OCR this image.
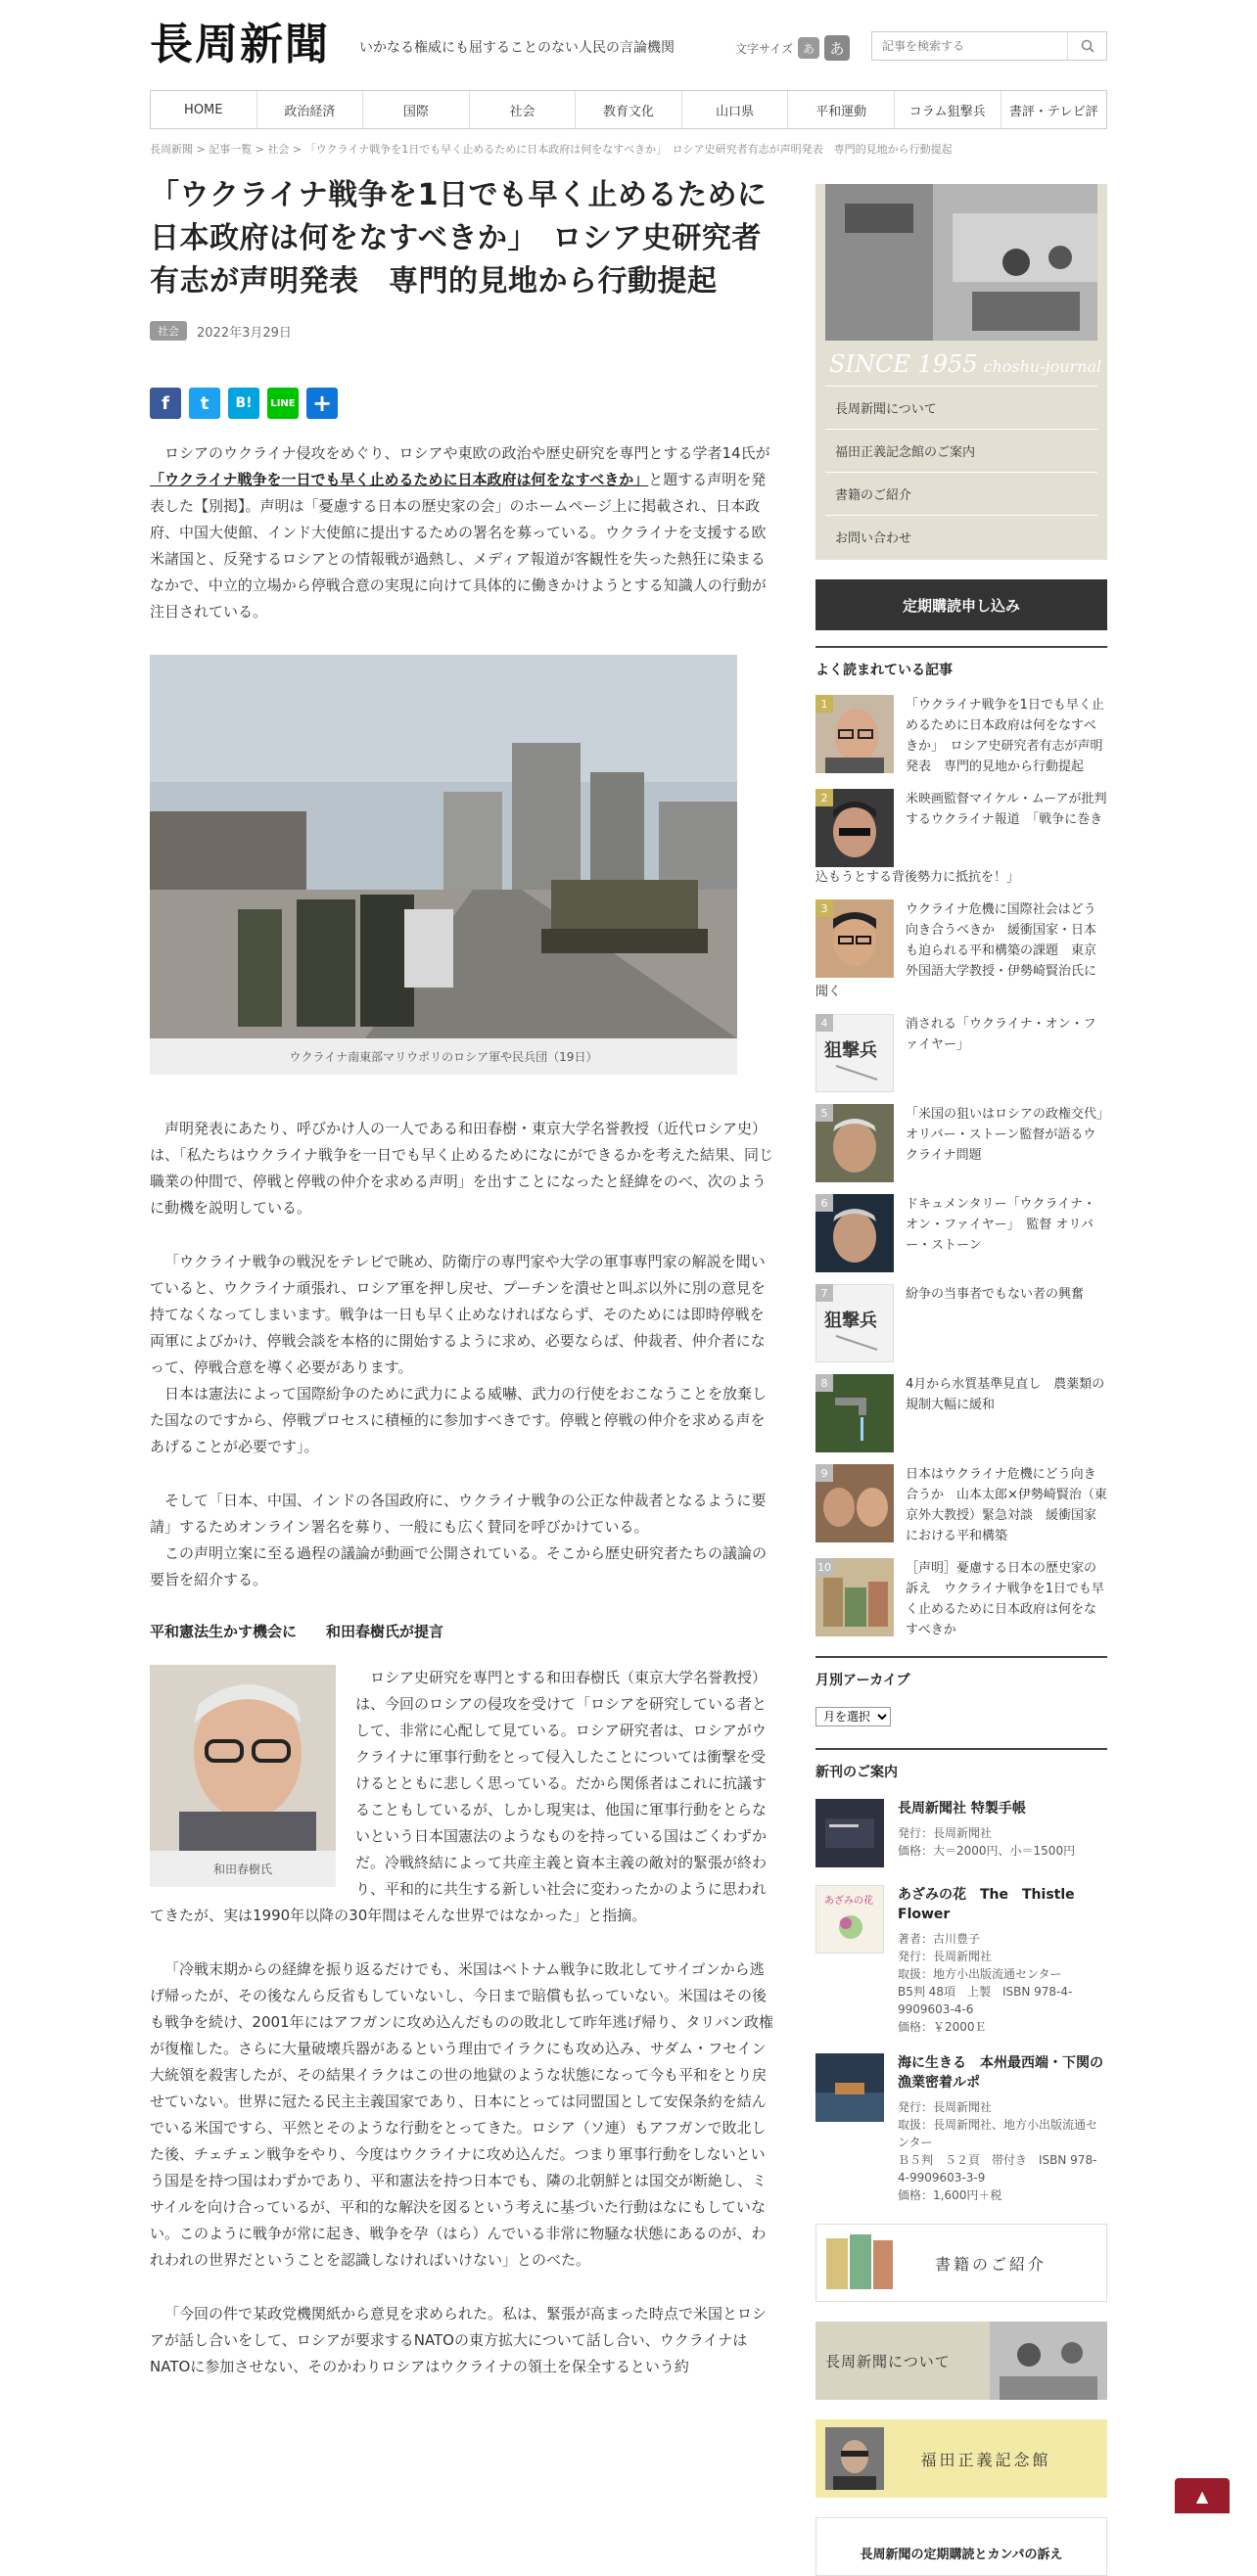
長周新聞 いかなる権威にも屈することのない人民の言論機関	文字サイズ あ	あ
記事を検索する
HOME	政治経済	国際	社会	教育文化	山口県	平和運動	コラム狙撃兵	書評・テレビ評
長周新聞 > 記事一覧 > 社会 > 「ウクライナ戦争を1日でも早く止めるために日本政府は何をなすべきか」　ロシア史研究者有志が声明発表　専門的見地から行動提起
「ウクライナ戦争を1日でも早く止めるために日本政府は何をなすべきか」　ロシア史研究者有志が声明発表　専門的見地から行動提起
社会	2022年3月29日
f	t	B!	LINE +

ロシアのウクライナ侵攻をめぐり、ロシアや東欧の政治や歴史研究を専門とする学者14氏が「ウクライナ戦争を一日でも早く止めるために日本政府は何をなすべきか」と題する声明を発表した【別掲】。声明は「憂慮する日本の歴史家の会」のホームページ上に掲載され、日本政府、中国大使館、インド大使館に提出するための署名を募っている。ウクライナを支援する欧米諸国と、反発するロシアとの情報戦が過熱し、メディア報道が客観性を失った熱狂に染まるなかで、中立的立場から停戦合意の実現に向けて具体的に働きかけようとする知識人の行動が注目されている。

ウクライナ南東部マリウポリのロシア軍や民兵団（19日）

声明発表にあたり、呼びかけ人の一人である和田春樹・東京大学名誉教授（近代ロシア史）は、「私たちはウクライナ戦争を一日でも早く止めるためになにができるかを考えた結果、同じ職業の仲間で、停戦と停戦の仲介を求める声明」を出すことになったと経緯をのべ、次のように動機を説明している。

「ウクライナ戦争の戦況をテレビで眺め、防衛庁の専門家や大学の軍事専門家の解説を聞いていると、ウクライナ頑張れ、ロシア軍を押し戻せ、プーチンを潰せと叫ぶ以外に別の意見を持てなくなってしまいます。戦争は一日も早く止めなければならず、そのためには即時停戦を両軍によびかけ、停戦会談を本格的に開始するように求め、必要ならば、仲裁者、仲介者になって、停戦合意を導く必要があります。

日本は憲法によって国際紛争のために武力による威嚇、武力の行使をおこなうことを放棄した国なのですから、停戦プロセスに積極的に参加すべきです。停戦と停戦の仲介を求める声をあげることが必要です」。

そして「日本、中国、インドの各国政府に、ウクライナ戦争の公正な仲裁者となるように要請」するためオンライン署名を募り、一般にも広く賛同を呼びかけている。

この声明立案に至る過程の議論が動画で公開されている。そこから歴史研究者たちの議論の要旨を紹介する。

平和憲法生かす機会に　　和田春樹氏が提言
和田春樹氏

ロシア史研究を専門とする和田春樹氏（東京大学名誉教授）は、今回のロシアの侵攻を受けて「ロシアを研究している者として、非常に心配して見ている。ロシア研究者は、ロシアがウクライナに軍事行動をとって侵入したことについては衝撃を受けるとともに悲しく思っている。だから関係者はこれに抗議することもしているが、しかし現実は、他国に軍事行動をとらないという日本国憲法のようなものを持っている国はごくわずかだ。冷戦終結によって共産主義と資本主義の敵対的緊張が終わり、平和的に共生する新しい社会に変わったかのように思われてきたが、実は1990年以降の30年間はそんな世界ではなかった」と指摘。

「冷戦末期からの経緯を振り返るだけでも、米国はベトナム戦争に敗北してサイゴンから逃げ帰ったが、その後なんら反省もしていないし、今日まで賠償も払っていない。米国はその後も戦争を続け、2001年にはアフガンに攻め込んだものの敗北して昨年逃げ帰り、タリバン政権が復権した。さらに大量破壊兵器があるという理由でイラクにも攻め込み、サダム・フセイン大統領を殺害したが、その結果イラクはこの世の地獄のような状態になって今も平和をとり戻せていない。世界に冠たる民主主義国家であり、日本にとっては同盟国として安保条約を結んでいる米国ですら、平然とそのような行動をとってきた。ロシア（ソ連）もアフガンで敗北した後、チェチェン戦争をやり、今度はウクライナに攻め込んだ。つまり軍事行動をしないという国是を持つ国はわずかであり、平和憲法を持つ日本でも、隣の北朝鮮とは国交が断絶し、ミサイルを向け合っているが、平和的な解決を図るという考えに基づいた行動はなにもしていない。このように戦争が常に起き、戦争を孕（はら）んでいる非常に物騒な状態にあるのが、われわれの世界だということを認識しなければいけない」とのべた。

「今回の件で某政党機関紙から意見を求められた。私は、緊張が高まった時点で米国とロシアが話し合いをして、ロシアが要求するNATOの東方拡大について話し合い、ウクライナはNATOに参加させない、そのかわりロシアはウクライナの領土を保全するという約

SINCE 1955 choshu-journal
長周新聞について
福田正義記念館のご案内
書籍のご紹介
お問い合わせ
定期購読申し込み
よく読まれている記事
1	「ウクライナ戦争を1日でも早く止めるために日本政府は何をなすべきか」　ロシア史研究者有志が声明発表　専門的見地から行動提起
2	米映画監督マイケル・ムーアが批判するウクライナ報道　「戦争に巻き込もうとする背後勢力に抵抗を！」
3	ウクライナ危機に国際社会はどう向き合うべきか　緩衝国家・日本も迫られる平和構築の課題　東京外国語大学教授・伊勢崎賢治氏に聞く
狙撃兵
4	消される「ウクライナ・オン・ファイヤー」
5	「米国の狙いはロシアの政権交代」　オリバー・ストーン監督が語るウクライナ問題
6	ドキュメンタリー「ウクライナ・オン・ファイヤー」　監督 オリバー・ストーン
狙撃兵
7	紛争の当事者でもない者の興奮
8	4月から水質基準見直し　農薬類の規制大幅に緩和
9	日本はウクライナ危機にどう向き合うか　山本太郎×伊勢崎賢治（東京外大教授）緊急対談　緩衝国家における平和構築
10	［声明］憂慮する日本の歴史家の訴え　ウクライナ戦争を1日でも早く止めるために日本政府は何をなすべきか
月別アーカイブ
月を選択
新刊のご案内
長周新聞社 特製手帳
発行：長周新聞社
価格：大＝2000円、小＝1500円
あざみの花 あざみの花　The　Thistle Flower
著者：古川豊子
発行：長周新聞社
取扱：地方小出版流通センター
B5判 48項　上製　ISBN 978-4-9909603-4-6
価格：￥2000Ｅ
海に生きる　本州最西端・下関の漁業密着ルポ
発行：長周新聞社
取扱：長周新聞社、地方小出版流通センター
Ｂ５判　５２頁　帯付き　ISBN 978-4-9909603-3-9
価格：1,600円＋税
書籍のご紹介
長周新聞について
福田正義記念館
長周新聞の定期購読とカンパの訴え
▲
